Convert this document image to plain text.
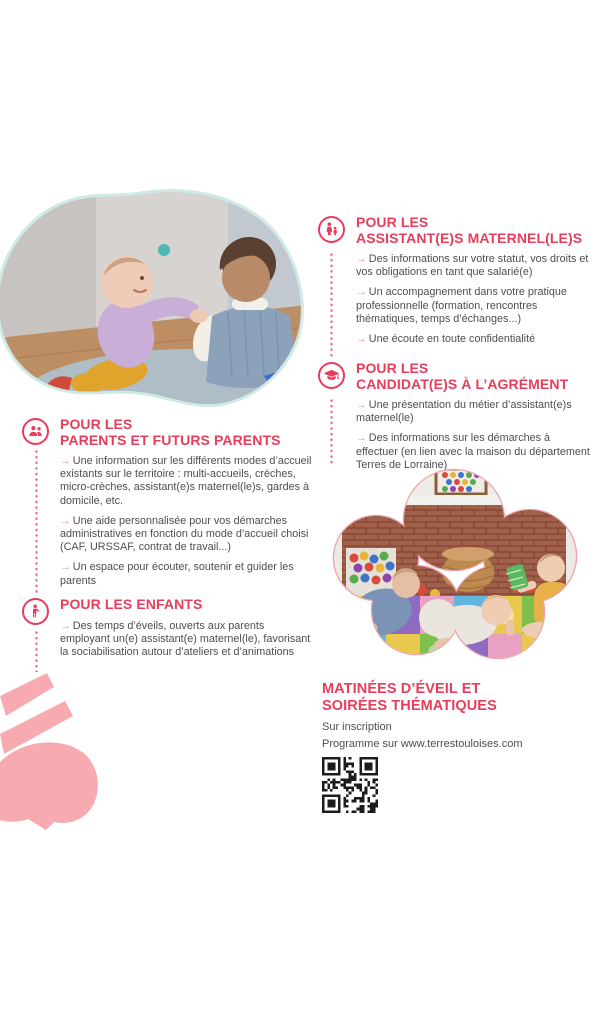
POUR LES
ASSISTANT(E)S MATERNEL(LE)S

→ Des informations sur votre statut, vos droits et vos obligations en tant que salarié(e)

→ Un accompagnement dans votre pratique professionnelle (formation, rencontres thématiques, temps d’échanges...)

→ Une écoute en toute confidentialité

POUR LES
CANDIDAT(E)S À L’AGRÉMENT

→ Une présentation du métier d’assistant(e)s maternel(le)

→ Des informations sur les démarches à effectuer (en lien avec la maison du département Terres de Lorraine)

POUR LES
PARENTS ET FUTURS PARENTS

→ Une information sur les différents modes d’accueil existants sur le territoire : multi-accueils, crèches, micro-crèches, assistant(e)s maternel(le)s, gardes à domicile, etc.

→ Une aide personnalisée pour vos démarches administratives en fonction du mode d’accueil choisi (CAF, URSSAF, contrat de travail...)

→ Un espace pour écouter, soutenir et guider les parents

POUR LES ENFANTS

→ Des temps d’éveils, ouverts aux parents employant un(e) assistant(e) maternel(le), favorisant la sociabilisation autour d’ateliers et d’animations

MATINÉES D’ÉVEIL ET
SOIRÉES THÉMATIQUES

Sur inscription

Programme sur www.terrestouloises.com
